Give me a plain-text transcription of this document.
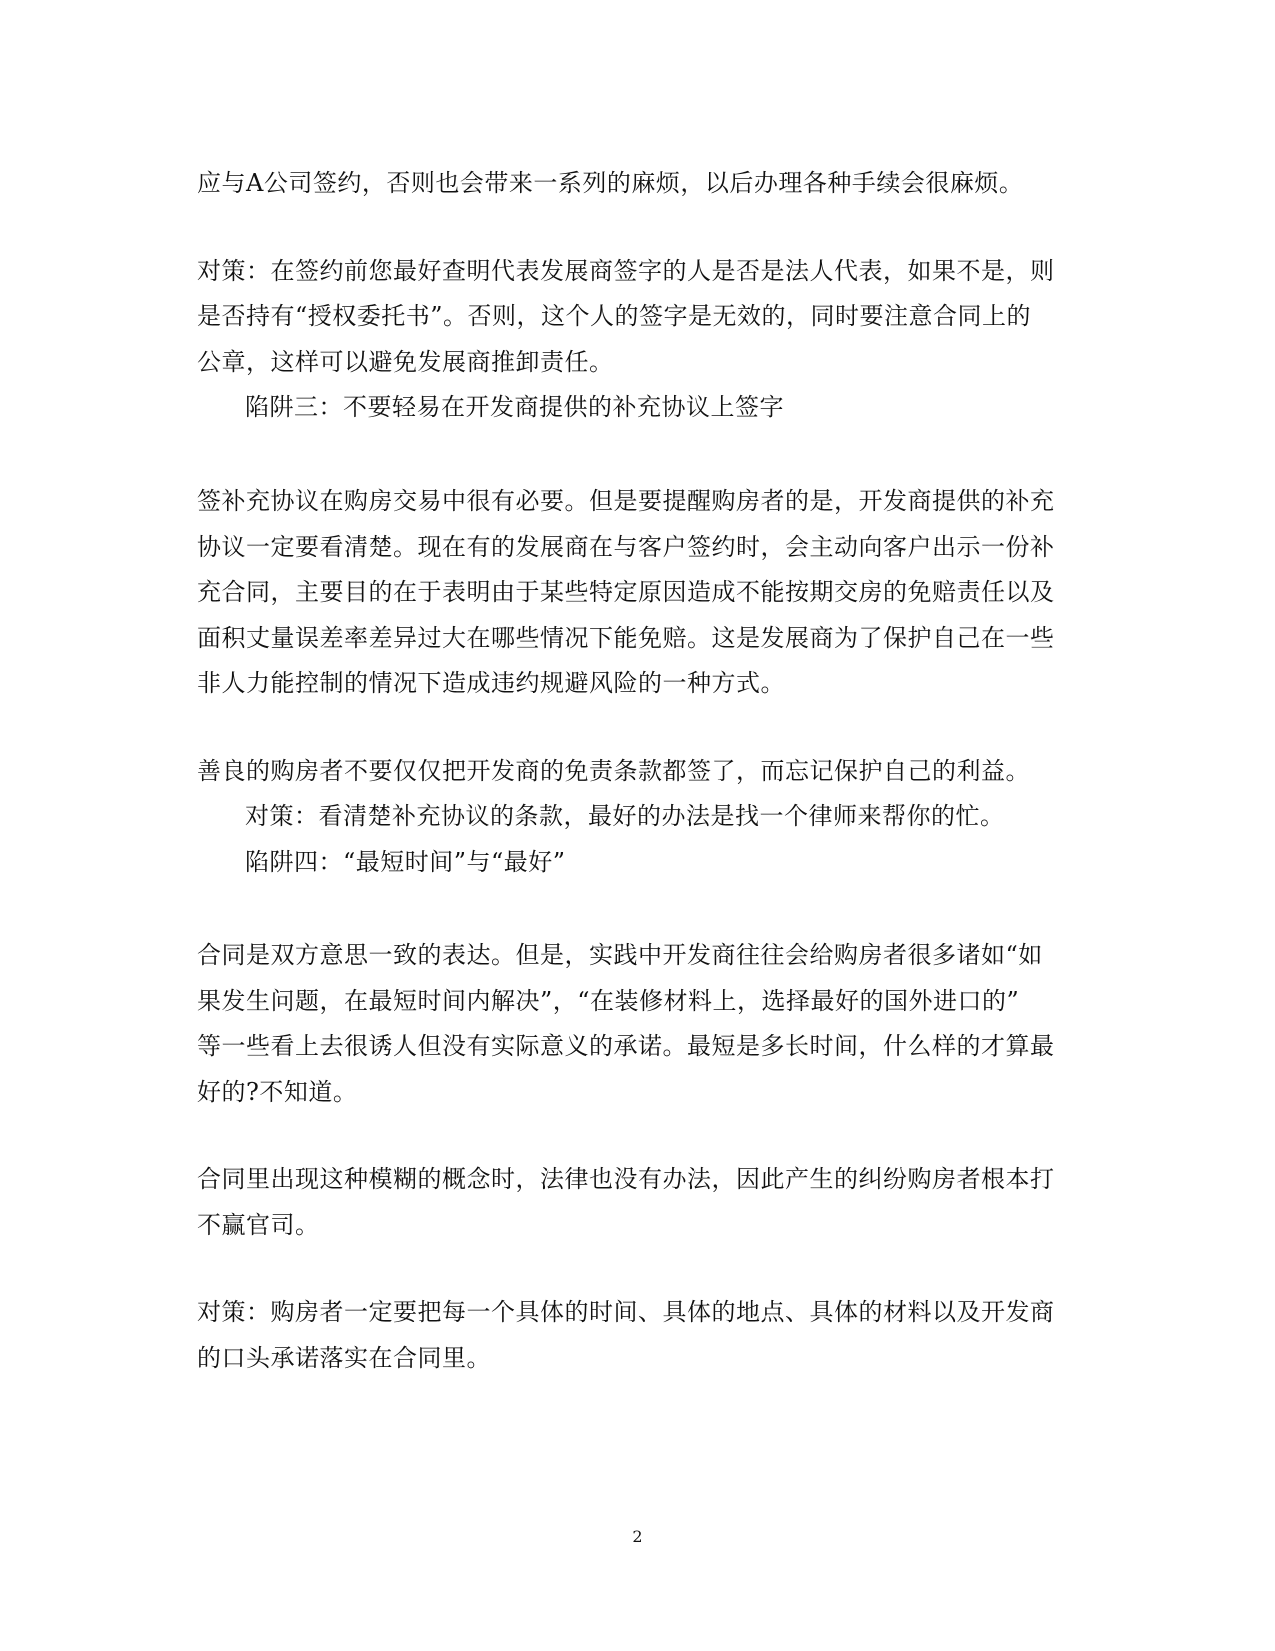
应与A公司签约，否则也会带来一系列的麻烦，以后办理各种手续会很麻烦。
对策：在签约前您最好查明代表发展商签字的人是否是法人代表，如果不是，则
是否持有“授权委托书”。否则，这个人的签字是无效的，同时要注意合同上的
公章，这样可以避免发展商推卸责任。
陷阱三：不要轻易在开发商提供的补充协议上签字
签补充协议在购房交易中很有必要。但是要提醒购房者的是，开发商提供的补充
协议一定要看清楚。现在有的发展商在与客户签约时，会主动向客户出示一份补
充合同，主要目的在于表明由于某些特定原因造成不能按期交房的免赔责任以及
面积丈量误差率差异过大在哪些情况下能免赔。这是发展商为了保护自己在一些
非人力能控制的情况下造成违约规避风险的一种方式。
善良的购房者不要仅仅把开发商的免责条款都签了，而忘记保护自己的利益。
对策：看清楚补充协议的条款，最好的办法是找一个律师来帮你的忙。
陷阱四：“最短时间”与“最好”
合同是双方意思一致的表达。但是，实践中开发商往往会给购房者很多诸如“如
果发生问题，在最短时间内解决”，“在装修材料上，选择最好的国外进口的”
等一些看上去很诱人但没有实际意义的承诺。最短是多长时间，什么样的才算最
好的?不知道。
合同里出现这种模糊的概念时，法律也没有办法，因此产生的纠纷购房者根本打
不赢官司。
对策：购房者一定要把每一个具体的时间、具体的地点、具体的材料以及开发商
的口头承诺落实在合同里。
2
